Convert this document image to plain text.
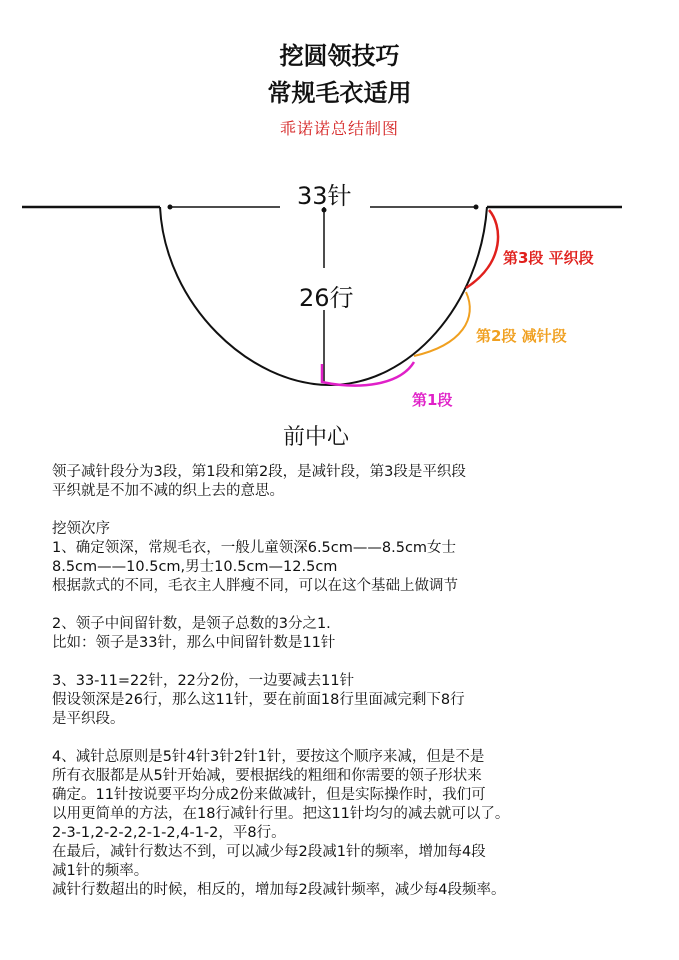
挖圆领技巧
常规毛衣适用
乖诺诺总结制图
33针
26行
前中心
第3段 平织段
第2段 减针段
第1段

领子减针段分为3段，第1段和第2段，是减针段，第3段是平织段

平织就是不加不减的织上去的意思。

挖领次序

1、确定领深，常规毛衣，一般儿童领深6.5cm——8.5cm女士

8.5cm——10.5cm,男士10.5cm—12.5cm

根据款式的不同，毛衣主人胖瘦不同，可以在这个基础上做调节

2、领子中间留针数，是领子总数的3分之1.

比如：领子是33针，那么中间留针数是11针

3、33-11=22针，22分2份，一边要减去11针

假设领深是26行，那么这11针，要在前面18行里面减完剩下8行

是平织段。

4、减针总原则是5针4针3针2针1针，要按这个顺序来减，但是不是

所有衣服都是从5针开始减，要根据线的粗细和你需要的领子形状来

确定。11针按说要平均分成2份来做减针，但是实际操作时，我们可

以用更简单的方法，在18行减针行里。把这11针均匀的减去就可以了。

2-3-1,2-2-2,2-1-2,4-1-2，平8行。

在最后，减针行数达不到，可以减少每2段减1针的频率，增加每4段

减1针的频率。

减针行数超出的时候，相反的，增加每2段减针频率，减少每4段频率。
